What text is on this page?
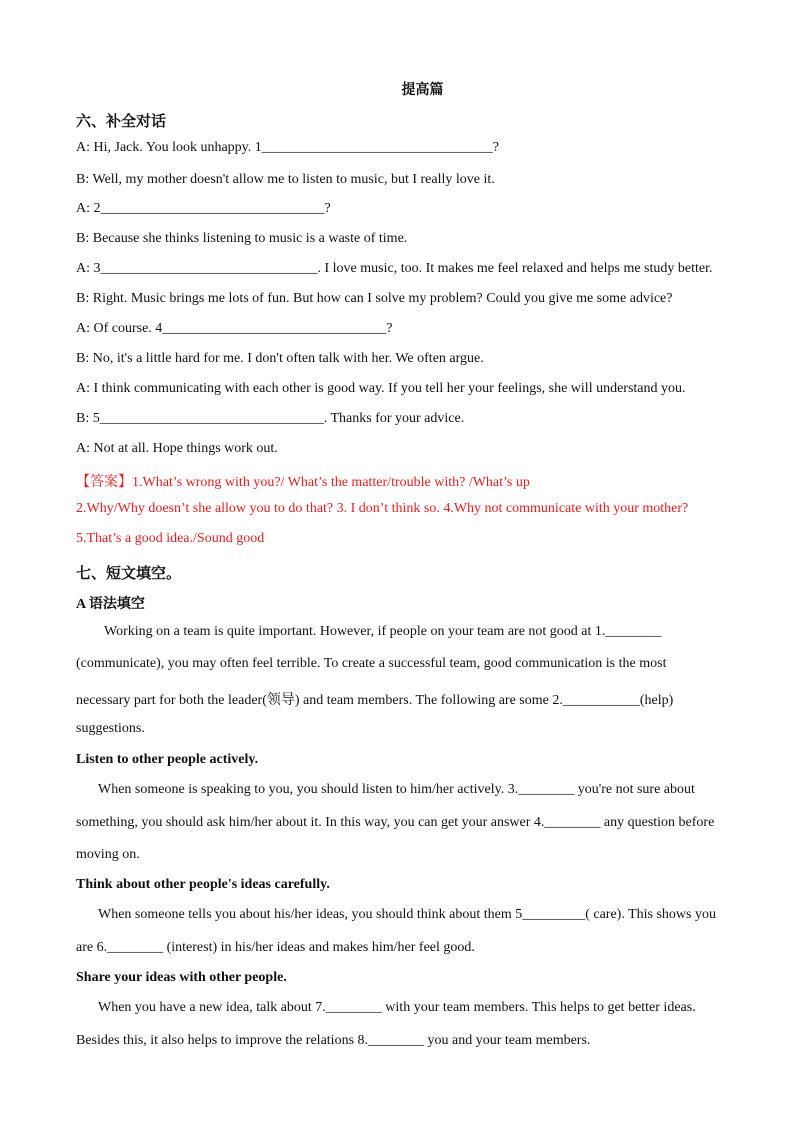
提高篇
六、补全对话
A: Hi, Jack. You look unhappy. 1_________________________________?
B: Well, my mother doesn't allow me to listen to music, but I really love it.
A: 2________________________________?
B: Because she thinks listening to music is a waste of time.
A: 3_______________________________. I love music, too. It makes me feel relaxed and helps me study better.
B: Right. Music brings me lots of fun. But how can I solve my problem? Could you give me some advice?
A: Of course. 4________________________________?
B: No, it's a little hard for me. I don't often talk with her. We often argue.
A: I think communicating with each other is good way. If you tell her your feelings, she will understand you.
B: 5________________________________. Thanks for your advice.
A: Not at all. Hope things work out.
【答案】1.What’s wrong with you?/ What’s the matter/trouble with? /What’s up
2.Why/Why doesn’t she allow you to do that? 3. I don’t think so. 4.Why not communicate with your mother?
5.That’s a good idea./Sound good
七、短文填空。
A 语法填空
Working on a team is quite important. However, if people on your team are not good at 1.________
(communicate), you may often feel terrible. To create a successful team, good communication is the most
necessary part for both the leader(领导) and team members. The following are some 2.___________(help)
suggestions.
Listen to other people actively.
When someone is speaking to you, you should listen to him/her actively. 3.________ you're not sure about
something, you should ask him/her about it. In this way, you can get your answer 4.________ any question before
moving on.
Think about other people's ideas carefully.
When someone tells you about his/her ideas, you should think about them 5_________( care). This shows you
are 6.________ (interest) in his/her ideas and makes him/her feel good.
Share your ideas with other people.
When you have a new idea, talk about 7.________ with your team members. This helps to get better ideas.
Besides this, it also helps to improve the relations 8.________ you and your team members.
